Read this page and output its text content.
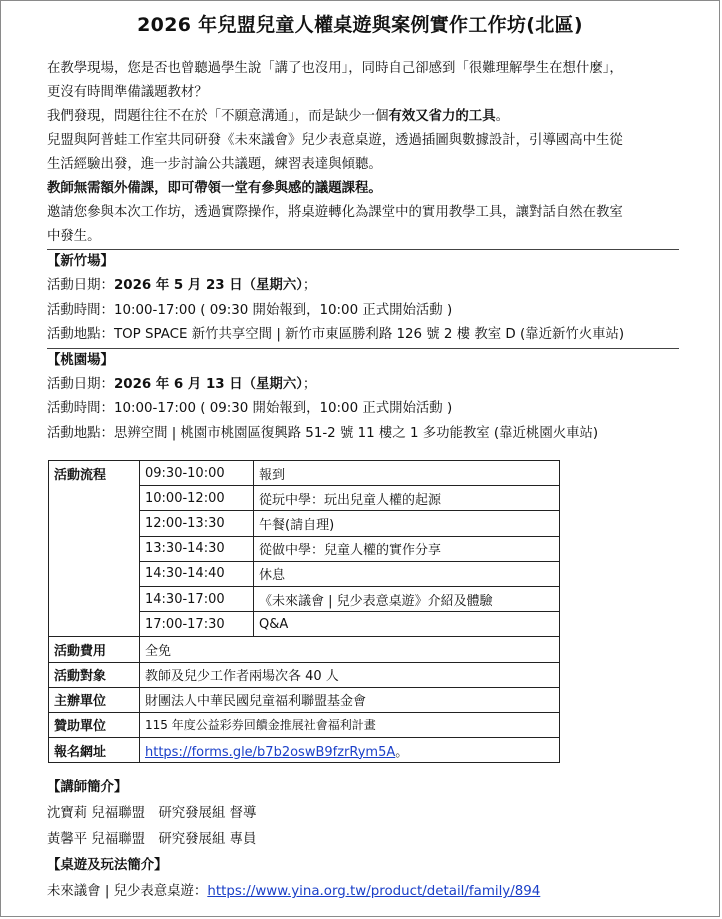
2026 年兒盟兒童人權桌遊與案例實作工作坊(北區)

在教學現場，您是否也曾聽過學生說「講了也沒用」，同時自己卻感到「很難理解學生在想什麼」，

更沒有時間準備議題教材？

我們發現，問題往往不在於「不願意溝通」，而是缺少一個有效又省力的工具。

兒盟與阿普蛙工作室共同研發《未來議會》兒少表意桌遊，透過插圖與數據設計，引導國高中生從

生活經驗出發，進一步討論公共議題，練習表達與傾聽。

教師無需額外備課，即可帶領一堂有參與感的議題課程。

邀請您參與本次工作坊，透過實際操作，將桌遊轉化為課堂中的實用教學工具，讓對話自然在教室

中發生。

【新竹場】

活動日期：2026 年 5 月 23 日（星期六）；

活動時間：10:00-17:00 ( 09:30 開始報到，10:00 正式開始活動 )

活動地點：TOP SPACE 新竹共享空間 | 新竹市東區勝利路 126 號 2 樓 教室 D (靠近新竹火車站)

【桃園場】

活動日期：2026 年 6 月 13 日（星期六）；

活動時間：10:00-17:00 ( 09:30 開始報到，10:00 正式開始活動 )

活動地點：思辨空間 | 桃園市桃園區復興路 51-2 號 11 樓之 1 多功能教室 (靠近桃園火車站)

活動流程	09:30-10:00	報到
	10:00-12:00	從玩中學：玩出兒童人權的起源
	12:00-13:30	午餐(請自理)
	13:30-14:30	從做中學：兒童人權的實作分享
	14:30-14:40	休息
	14:30-17:00	《未來議會 | 兒少表意桌遊》介紹及體驗
	17:00-17:30	Q&A
活動費用	全免	
活動對象	教師及兒少工作者兩場次各 40 人	
主辦單位	財團法人中華民國兒童福利聯盟基金會	
贊助單位	115 年度公益彩券回饋金推展社會福利計畫	
報名網址	https://forms.gle/b7b2oswB9fzrRym5A。	

【講師簡介】

沈寶莉 兒福聯盟　研究發展組 督導

黃馨平 兒福聯盟　研究發展組 專員

【桌遊及玩法簡介】

未來議會 | 兒少表意桌遊：https://www.yina.org.tw/product/detail/family/894
